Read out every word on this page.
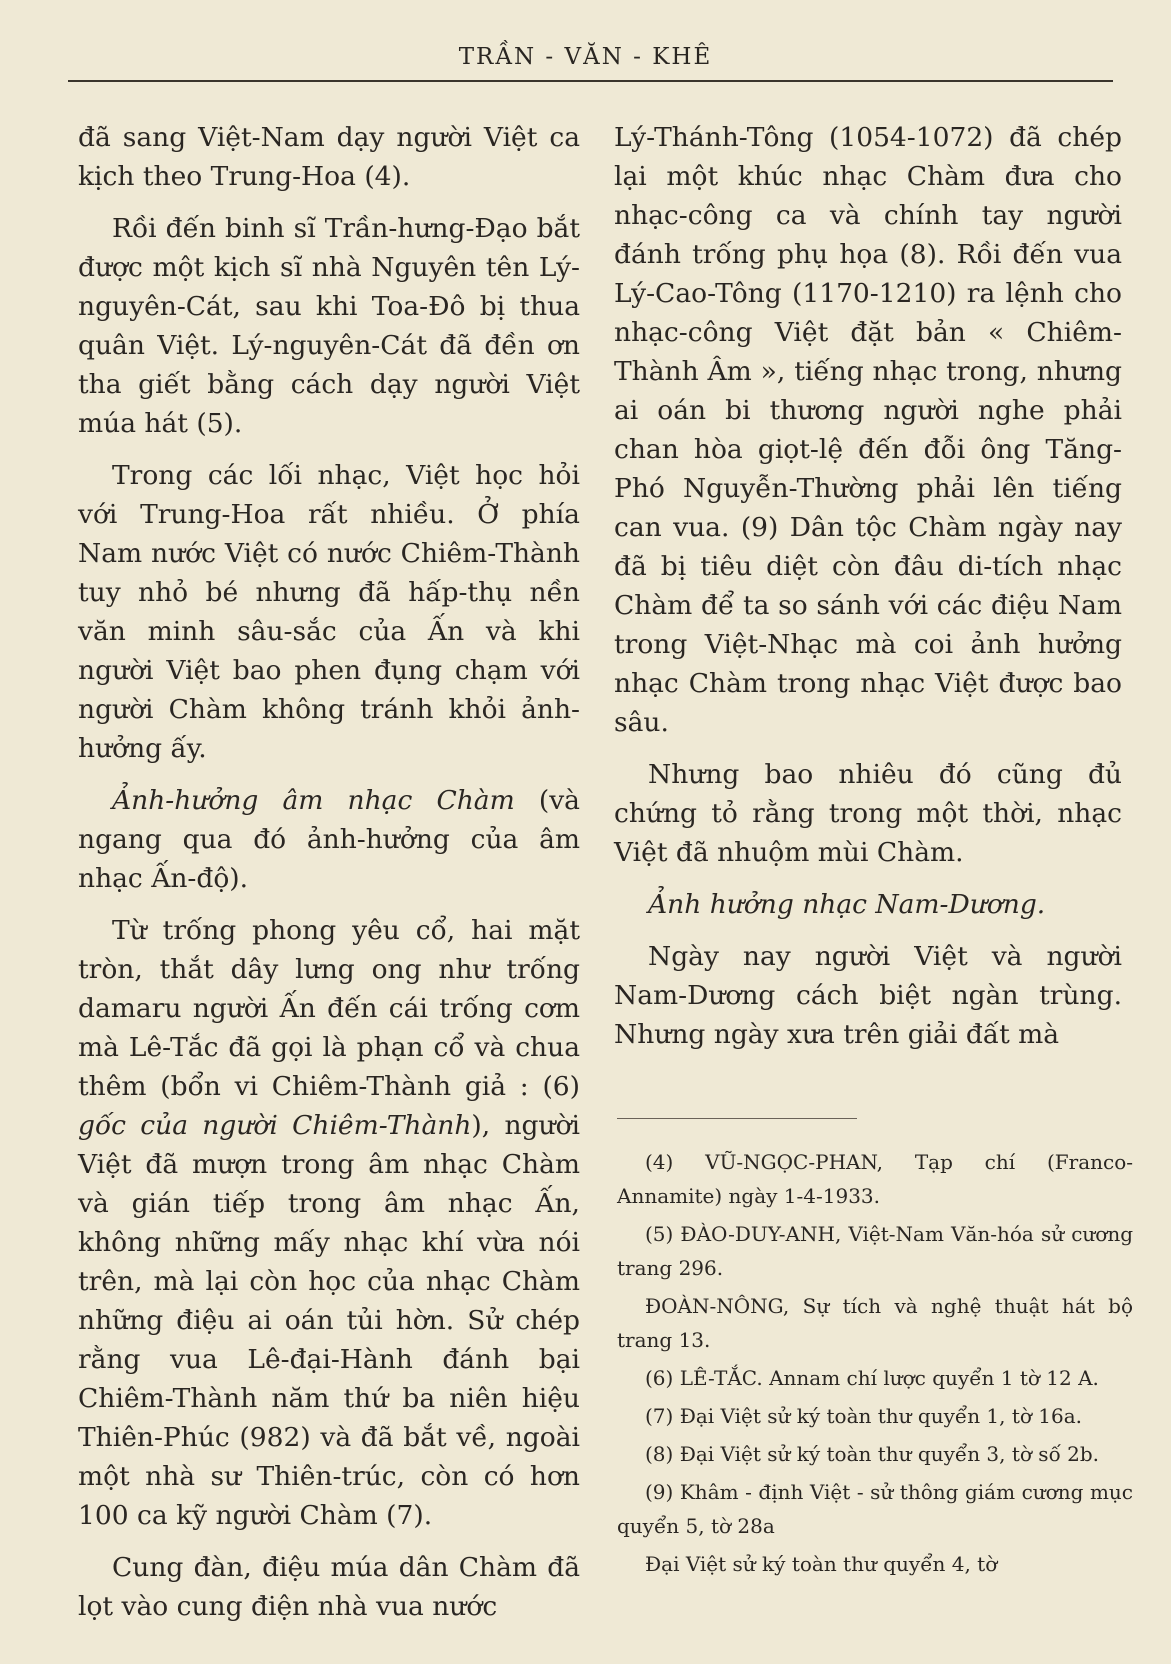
TRẦN - VĂN - KHÊ

đã sang Việt-Nam dạy người Việt ca kịch theo Trung-Hoa (4).

Rồi đến binh sĩ Trần-hưng-Đạo bắt được một kịch sĩ nhà Nguyên tên Lý-nguyên-Cát, sau khi Toa-Đô bị thua quân Việt. Lý-nguyên-Cát đã đền ơn tha giết bằng cách dạy người Việt múa hát (5).

Trong các lối nhạc, Việt học hỏi với Trung-Hoa rất nhiều. Ở phía Nam nước Việt có nước Chiêm-Thành tuy nhỏ bé nhưng đã hấp-thụ nền văn minh sâu-sắc của Ấn và khi người Việt bao phen đụng chạm với người Chàm không tránh khỏi ảnh-hưởng ấy.

Ảnh-hưởng âm nhạc Chàm (và ngang qua đó ảnh-hưởng của âm nhạc Ấn-độ).

Từ trống phong yêu cổ, hai mặt tròn, thắt dây lưng ong như trống damaru người Ấn đến cái trống cơm mà Lê-Tắc đã gọi là phạn cổ và chua thêm (bổn vi Chiêm-Thành giả : (6) gốc của người Chiêm-Thành), người Việt đã mượn trong âm nhạc Chàm và gián tiếp trong âm nhạc Ấn, không những mấy nhạc khí vừa nói trên, mà lại còn học của nhạc Chàm những điệu ai oán tủi hờn. Sử chép rằng vua Lê-đại-Hành đánh bại Chiêm-Thành năm thứ ba niên hiệu Thiên-Phúc (982) và đã bắt về, ngoài một nhà sư Thiên-trúc, còn có hơn 100 ca kỹ người Chàm (7).

Cung đàn, điệu múa dân Chàm đã lọt vào cung điện nhà vua nước

Lý-Thánh-Tông (1054-1072) đã chép lại một khúc nhạc Chàm đưa cho nhạc-công ca và chính tay người đánh trống phụ họa (8). Rồi đến vua Lý-Cao-Tông (1170-1210) ra lệnh cho nhạc-công Việt đặt bản « Chiêm-Thành Âm », tiếng nhạc trong, nhưng ai oán bi thương người nghe phải chan hòa giọt-lệ đến đỗi ông Tăng-Phó Nguyễn-Thường phải lên tiếng can vua. (9) Dân tộc Chàm ngày nay đã bị tiêu diệt còn đâu di-tích nhạc Chàm để ta so sánh với các điệu Nam trong Việt-Nhạc mà coi ảnh hưởng nhạc Chàm trong nhạc Việt được bao sâu.

Nhưng bao nhiêu đó cũng đủ chứng tỏ rằng trong một thời, nhạc Việt đã nhuộm mùi Chàm.

Ảnh hưởng nhạc Nam-Dương.

Ngày nay người Việt và người Nam-Dương cách biệt ngàn trùng. Nhưng ngày xưa trên giải đất mà

(4) VŨ-NGỌC-PHAN, Tạp chí (Franco-Annamite) ngày 1-4-1933.

(5) ĐÀO-DUY-ANH, Việt-Nam Văn-hóa sử cương trang 296.

ĐOÀN-NÔNG, Sự tích và nghệ thuật hát bộ trang 13.

(6) LÊ-TẮC. Annam chí lược quyển 1 tờ 12 A.

(7) Đại Việt sử ký toàn thư quyển 1, tờ 16a.

(8) Đại Việt sử ký toàn thư quyển 3, tờ số 2b.

(9) Khâm - định Việt - sử thông giám cương mục quyển 5, tờ 28a

Đại Việt sử ký toàn thư quyển 4, tờ
